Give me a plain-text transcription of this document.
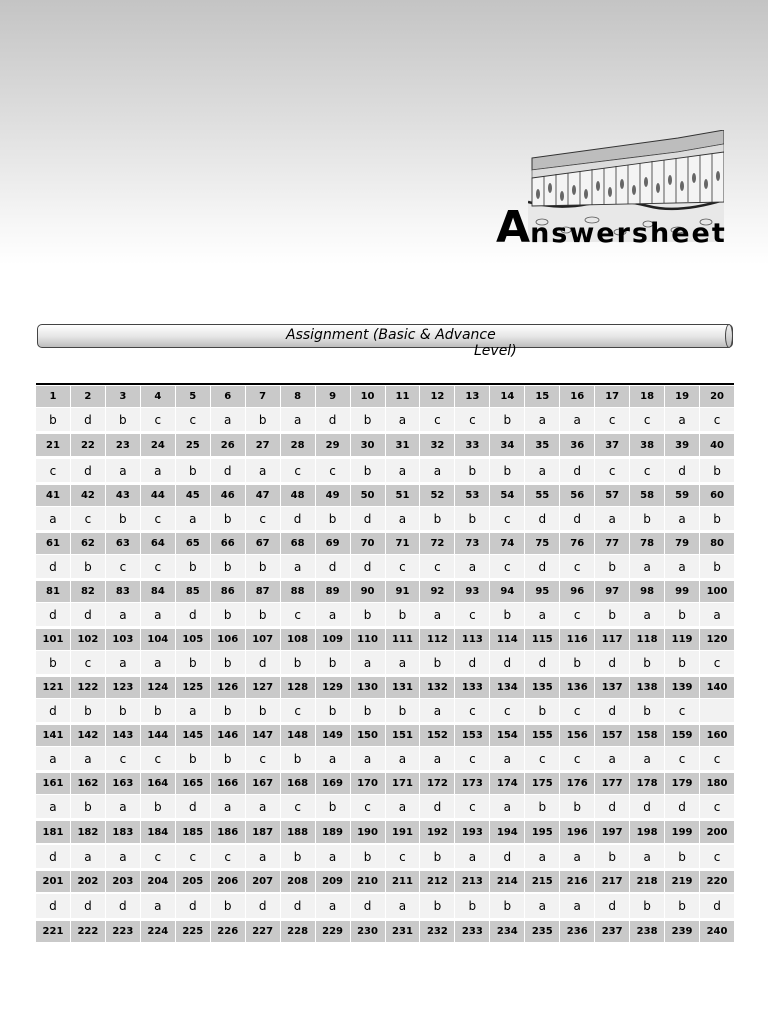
Answersheet
Assignment (Basic & Advance
Level)
1	2	3	4	5	6	7	8	9	10	11	12	13	14	15	16	17	18	19	20
b	d	b	c	c	a	b	a	d	b	a	c	c	b	a	a	c	c	a	c
21	22	23	24	25	26	27	28	29	30	31	32	33	34	35	36	37	38	39	40
c	d	a	a	b	d	a	c	c	b	a	a	b	b	a	d	c	c	d	b
41	42	43	44	45	46	47	48	49	50	51	52	53	54	55	56	57	58	59	60
a	c	b	c	a	b	c	d	b	d	a	b	b	c	d	d	a	b	a	b
61	62	63	64	65	66	67	68	69	70	71	72	73	74	75	76	77	78	79	80
d	b	c	c	b	b	b	a	d	d	c	c	a	c	d	c	b	a	a	b
81	82	83	84	85	86	87	88	89	90	91	92	93	94	95	96	97	98	99	100
d	d	a	a	d	b	b	c	a	b	b	a	c	b	a	c	b	a	b	a
101	102	103	104	105	106	107	108	109	110	111	112	113	114	115	116	117	118	119	120
b	c	a	a	b	b	d	b	b	a	a	b	d	d	d	b	d	b	b	c
121	122	123	124	125	126	127	128	129	130	131	132	133	134	135	136	137	138	139	140
d	b	b	b	a	b	b	c	b	b	b	a	c	c	b	c	d	b	c
141	142	143	144	145	146	147	148	149	150	151	152	153	154	155	156	157	158	159	160
a	a	c	c	b	b	c	b	a	a	a	a	c	a	c	c	a	a	c	c
161	162	163	164	165	166	167	168	169	170	171	172	173	174	175	176	177	178	179	180
a	b	a	b	d	a	a	c	b	c	a	d	c	a	b	b	d	d	d	c
181	182	183	184	185	186	187	188	189	190	191	192	193	194	195	196	197	198	199	200
d	a	a	c	c	c	a	b	a	b	c	b	a	d	a	a	b	a	b	c
201	202	203	204	205	206	207	208	209	210	211	212	213	214	215	216	217	218	219	220
d	d	d	a	d	b	d	d	a	d	a	b	b	b	a	a	d	b	b	d
221	222	223	224	225	226	227	228	229	230	231	232	233	234	235	236	237	238	239	240
